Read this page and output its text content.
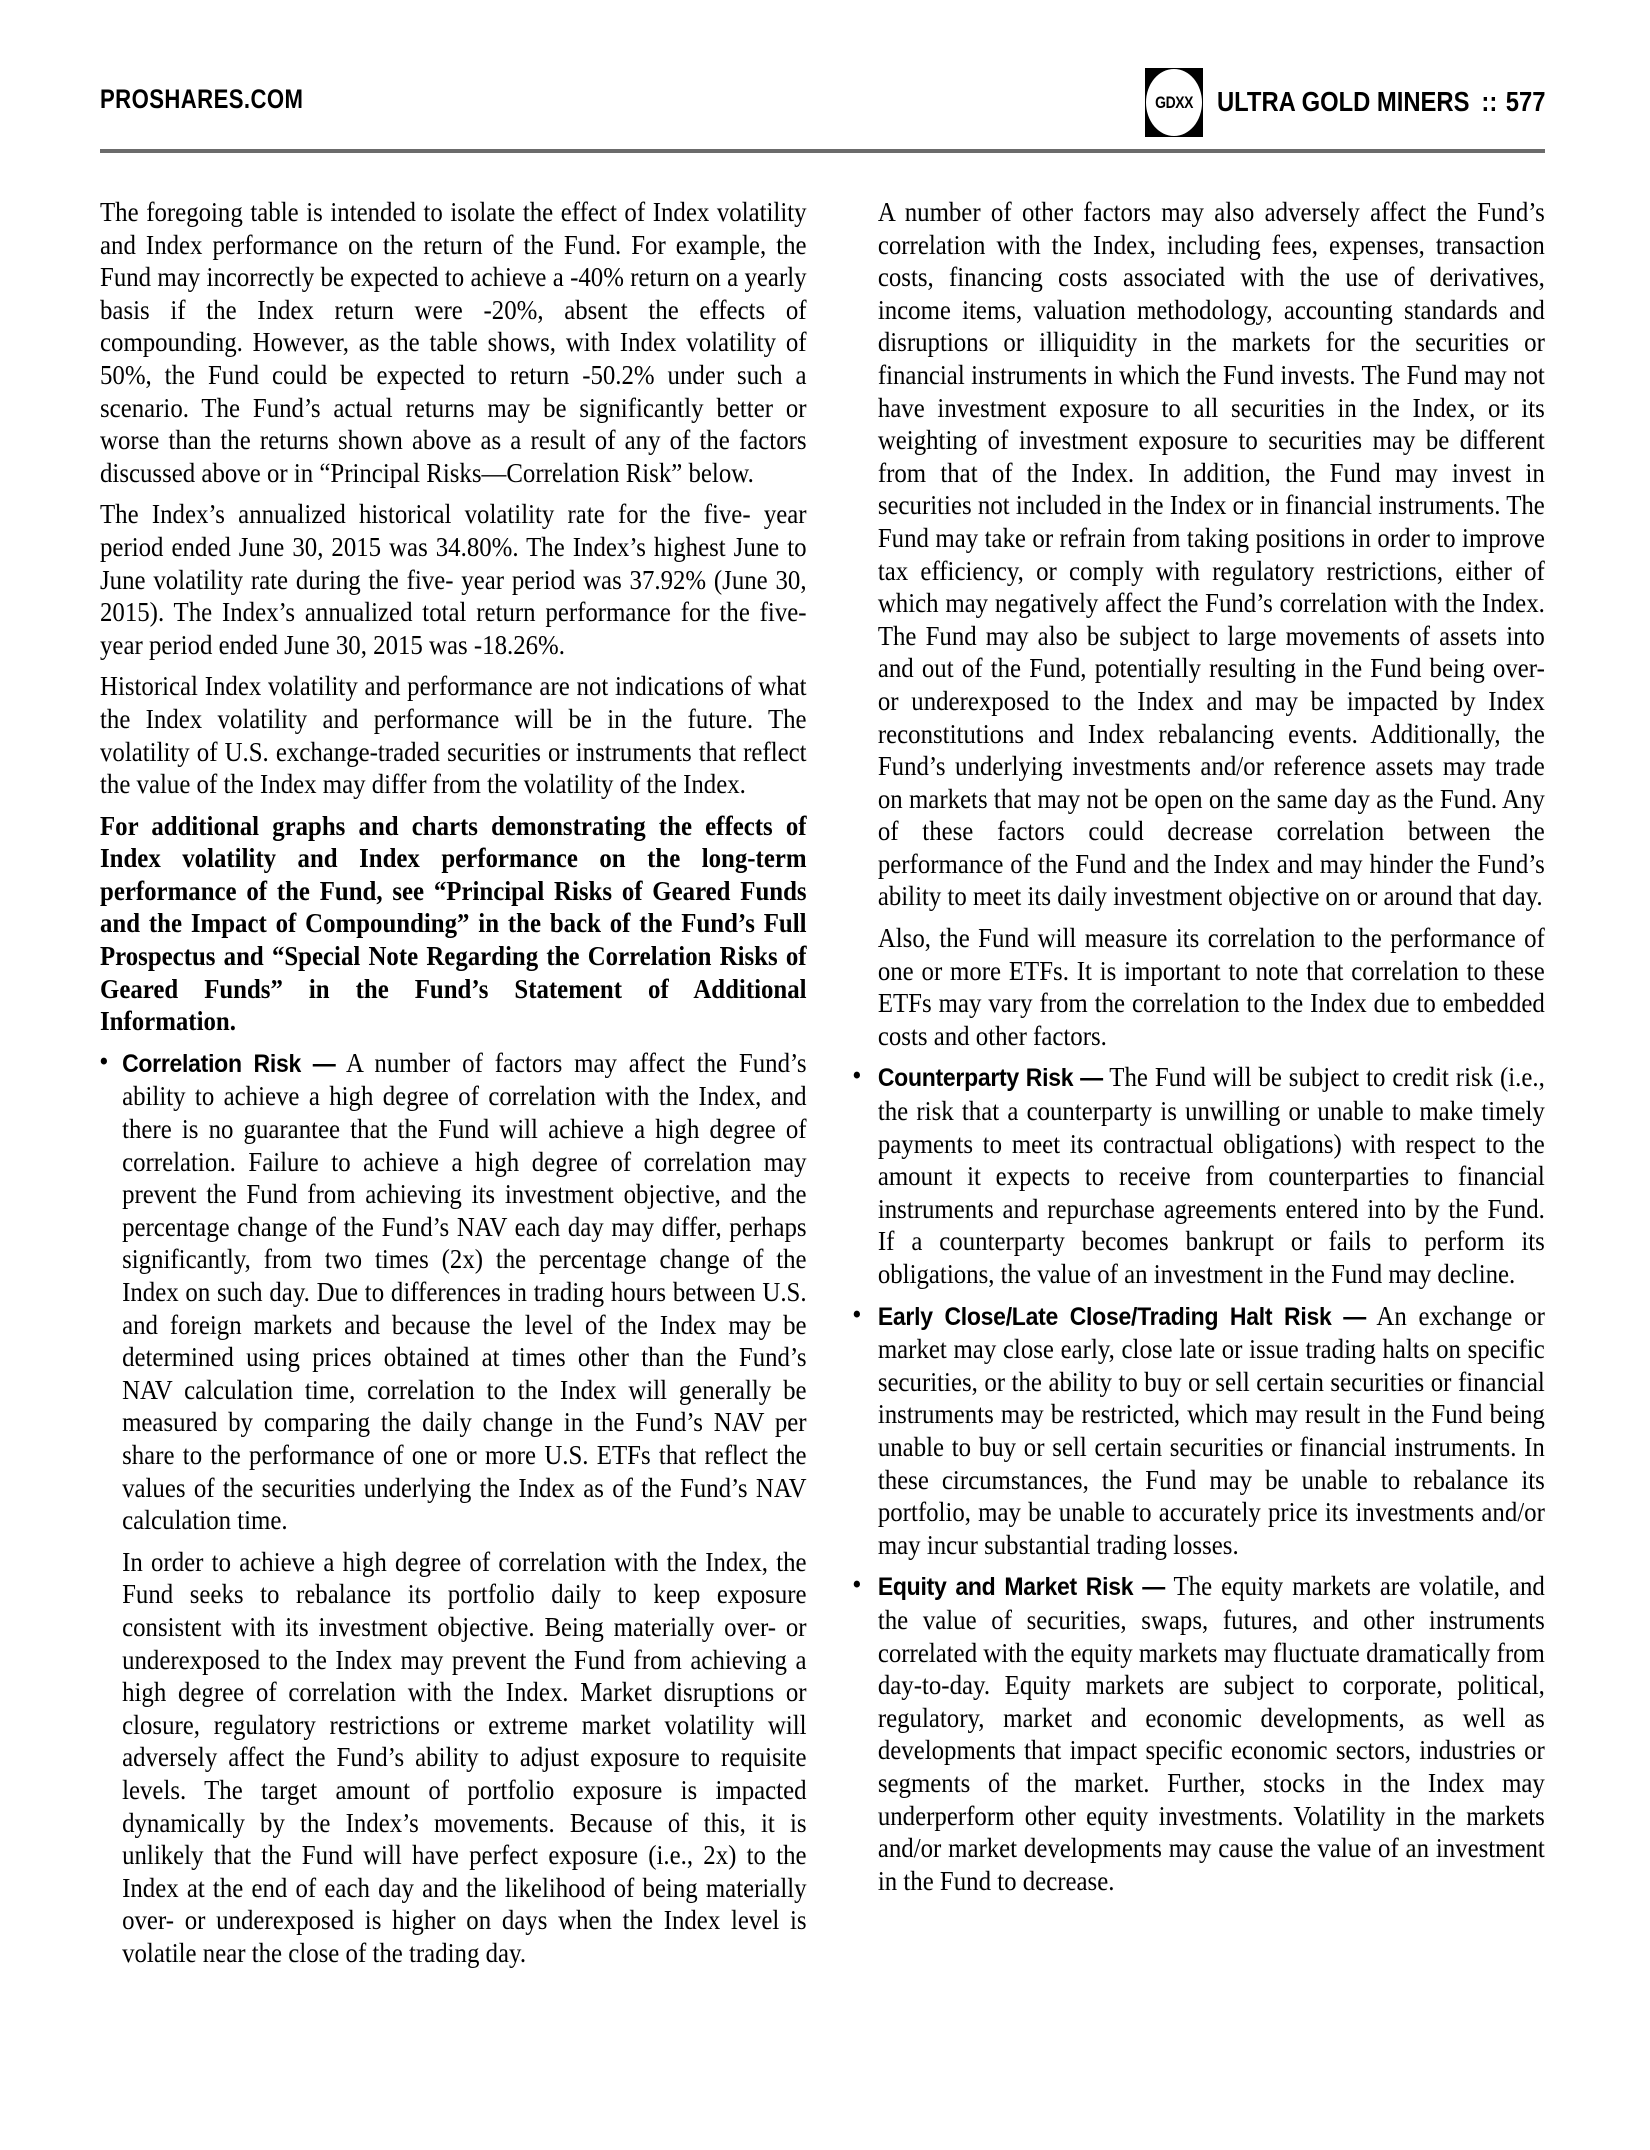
PROSHARES.COM	GDXX ULTRA GOLD MINERS :: 577

The foregoing table is intended to isolate the effect of Index volatility and Index performance on the return of the Fund. For example, the Fund may incorrectly be expected to achieve a -40% return on a yearly basis if the Index return were -20%, absent the effects of compounding. However, as the table shows, with Index volatility of 50%, the Fund could be expected to return -50.2% under such a scenario. The Fund’s actual returns may be significantly better or worse than the returns shown above as a result of any of the factors discussed above or in “Principal Risks—Correlation Risk” below.

The Index’s annualized historical volatility rate for the five- year period ended June 30, 2015 was 34.80%. The Index’s highest June to June volatility rate during the five- year period was 37.92% (June 30, 2015). The Index’s annualized total return performance for the five-year period ended June 30, 2015 was -18.26%.

Historical Index volatility and performance are not indications of what the Index volatility and performance will be in the future. The volatility of U.S. exchange-traded securities or instruments that reflect the value of the Index may differ from the volatility of the Index.

For additional graphs and charts demonstrating the effects of Index volatility and Index performance on the long-term performance of the Fund, see “Principal Risks of Geared Funds and the Impact of Compounding” in the back of the Fund’s Full Prospectus and “Special Note Regarding the Correlation Risks of Geared Funds” in the Fund’s Statement of Additional Information.

• Correlation Risk — A number of factors may affect the Fund’s ability to achieve a high degree of correlation with the Index, and there is no guarantee that the Fund will achieve a high degree of correlation. Failure to achieve a high degree of correlation may prevent the Fund from achieving its investment objective, and the percentage change of the Fund’s NAV each day may differ, perhaps significantly, from two times (2x) the percentage change of the Index on such day. Due to differences in trading hours between U.S. and foreign markets and because the level of the Index may be determined using prices obtained at times other than the Fund’s NAV calculation time, correlation to the Index will generally be measured by comparing the daily change in the Fund’s NAV per share to the performance of one or more U.S. ETFs that reflect the values of the securities underlying the Index as of the Fund’s NAV calculation time.

In order to achieve a high degree of correlation with the Index, the Fund seeks to rebalance its portfolio daily to keep exposure consistent with its investment objective. Being materially over- or underexposed to the Index may prevent the Fund from achieving a high degree of correlation with the Index. Market disruptions or closure, regulatory restrictions or extreme market volatility will adversely affect the Fund’s ability to adjust exposure to requisite levels. The target amount of portfolio exposure is impacted dynamically by the Index’s movements. Because of this, it is unlikely that the Fund will have perfect exposure (i.e., 2x) to the Index at the end of each day and the likelihood of being materially over- or underexposed is higher on days when the Index level is volatile near the close of the trading day.

A number of other factors may also adversely affect the Fund’s correlation with the Index, including fees, expenses, transaction costs, financing costs associated with the use of derivatives, income items, valuation methodology, accounting standards and disruptions or illiquidity in the markets for the securities or financial instruments in which the Fund invests. The Fund may not have investment exposure to all securities in the Index, or its weighting of investment exposure to securities may be different from that of the Index. In addition, the Fund may invest in securities not included in the Index or in financial instruments. The Fund may take or refrain from taking positions in order to improve tax efficiency, or comply with regulatory restrictions, either of which may negatively affect the Fund’s correlation with the Index. The Fund may also be subject to large movements of assets into and out of the Fund, potentially resulting in the Fund being over- or underexposed to the Index and may be impacted by Index reconstitutions and Index rebalancing events. Additionally, the Fund’s underlying investments and/or reference assets may trade on markets that may not be open on the same day as the Fund. Any of these factors could decrease correlation between the performance of the Fund and the Index and may hinder the Fund’s ability to meet its daily investment objective on or around that day.

Also, the Fund will measure its correlation to the performance of one or more ETFs. It is important to note that correlation to these ETFs may vary from the correlation to the Index due to embedded costs and other factors.

• Counterparty Risk — The Fund will be subject to credit risk (i.e., the risk that a counterparty is unwilling or unable to make timely payments to meet its contractual obligations) with respect to the amount it expects to receive from counterparties to financial instruments and repurchase agreements entered into by the Fund. If a counterparty becomes bankrupt or fails to perform its obligations, the value of an investment in the Fund may decline.

• Early Close/Late Close/Trading Halt Risk — An exchange or market may close early, close late or issue trading halts on specific securities, or the ability to buy or sell certain securities or financial instruments may be restricted, which may result in the Fund being unable to buy or sell certain securities or financial instruments. In these circumstances, the Fund may be unable to rebalance its portfolio, may be unable to accurately price its investments and/or may incur substantial trading losses.

• Equity and Market Risk — The equity markets are volatile, and the value of securities, swaps, futures, and other instruments correlated with the equity markets may fluctuate dramatically from day-to-day. Equity markets are subject to corporate, political, regulatory, market and economic developments, as well as developments that impact specific economic sectors, industries or segments of the market. Further, stocks in the Index may underperform other equity investments. Volatility in the markets and/or market developments may cause the value of an investment in the Fund to decrease.
